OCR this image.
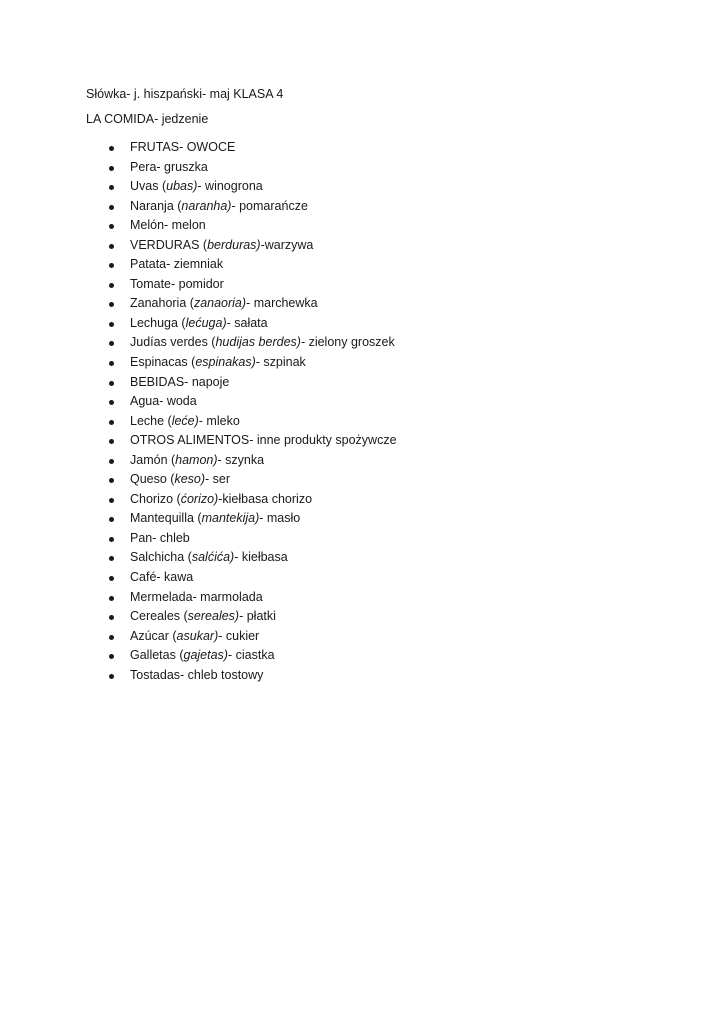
Słówka- j. hiszpański- maj KLASA 4
LA COMIDA- jedzenie
FRUTAS- OWOCE
Pera- gruszka
Uvas (ubas)- winogrona
Naranja (naranha)- pomarańcze
Melón- melon
VERDURAS (berduras)-warzywa
Patata- ziemniak
Tomate- pomidor
Zanahoria (zanaoria)- marchewka
Lechuga (lećuga)- sałata
Judías verdes (hudijas berdes)- zielony groszek
Espinacas (espinakas)- szpinak
BEBIDAS- napoje
Agua- woda
Leche (leće)- mleko
OTROS ALIMENTOS- inne produkty spożywcze
Jamón (hamon)- szynka
Queso (keso)- ser
Chorizo (ćorizo)-kiełbasa chorizo
Mantequilla (mantekija)- masło
Pan- chleb
Salchicha (salćića)- kiełbasa
Café- kawa
Mermelada- marmolada
Cereales (sereales)- płatki
Azúcar (asukar)- cukier
Galletas (gajetas)- ciastka
Tostadas- chleb tostowy
